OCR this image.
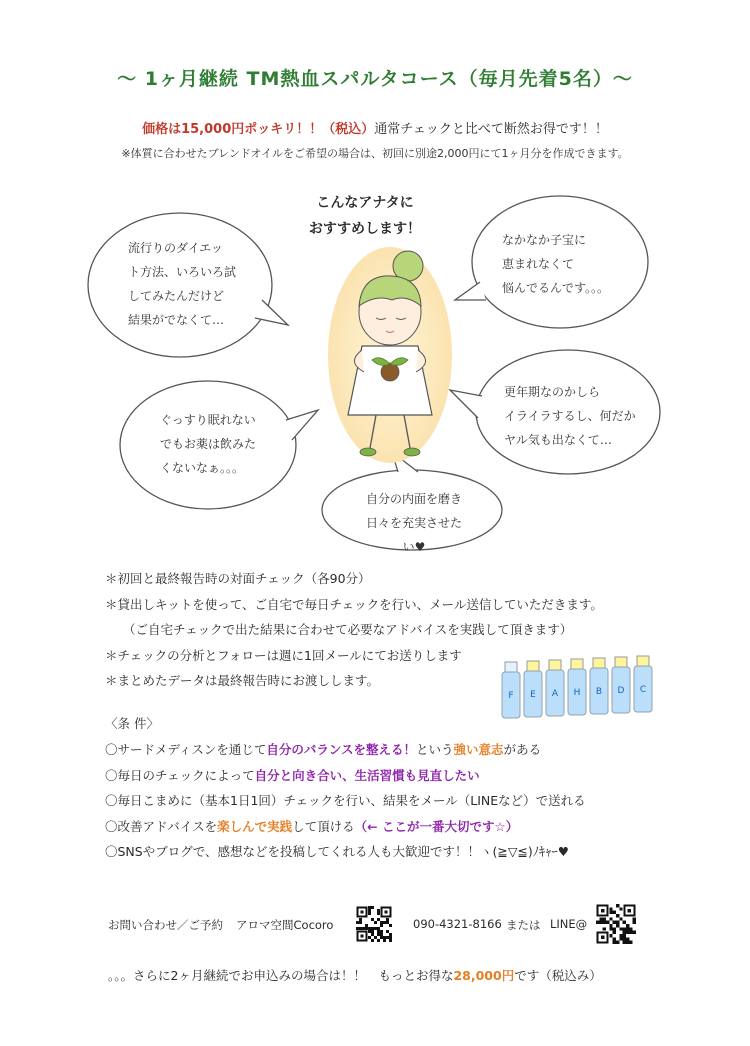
～ 1ヶ月継続 TM熱血スパルタコース（毎月先着5名）～
価格は15,000円ポッキリ！！（税込）通常チェックと比べて断然お得です！！
※体質に合わせたブレンドオイルをご希望の場合は、初回に別途2,000円にて1ヶ月分を作成できます。
こんなアナタに
おすすめします！
流行りのダイエッ
ト方法、いろいろ試
してみたんだけど
結果がでなくて…
なかなか子宝に
恵まれなくて
悩んでるんです。。。
ぐっすり眠れない
でもお薬は飲みた
くないなぁ。。。
更年期なのかしら
イライラするし、何だか
ヤル気も出なくて…
自分の内面を磨き
日々を充実させたい♥
＊初回と最終報告時の対面チェック（各90分）
＊貸出しキットを使って、ご自宅で毎日チェックを行い、メール送信していただきます。
（ご自宅チェックで出た結果に合わせて必要なアドバイスを実践して頂きます）
＊チェックの分析とフォローは週に1回メールにてお送りします
＊まとめたデータは最終報告時にお渡しします。
F E A H B D C
〈条 件〉
〇サードメディスンを通じて自分のバランスを整える！という強い意志がある
〇毎日のチェックによって自分と向き合い、生活習慣も見直したい
〇毎日こまめに（基本1日1回）チェックを行い、結果をメール（LINEなど）で送れる
〇改善アドバイスを楽しんで実践して頂ける（← ここが一番大切です☆）
〇SNSやブログで、感想などを投稿してくれる人も大歓迎です！！ヽ(≧▽≦)ﾉｷｬｰ♥
お問い合わせ／ご予約 アロマ空間Cocoro	090-4321-8166 または LINE@
。。。さらに2ヶ月継続でお申込みの場合は！！　もっとお得な28,000円です（税込み）
